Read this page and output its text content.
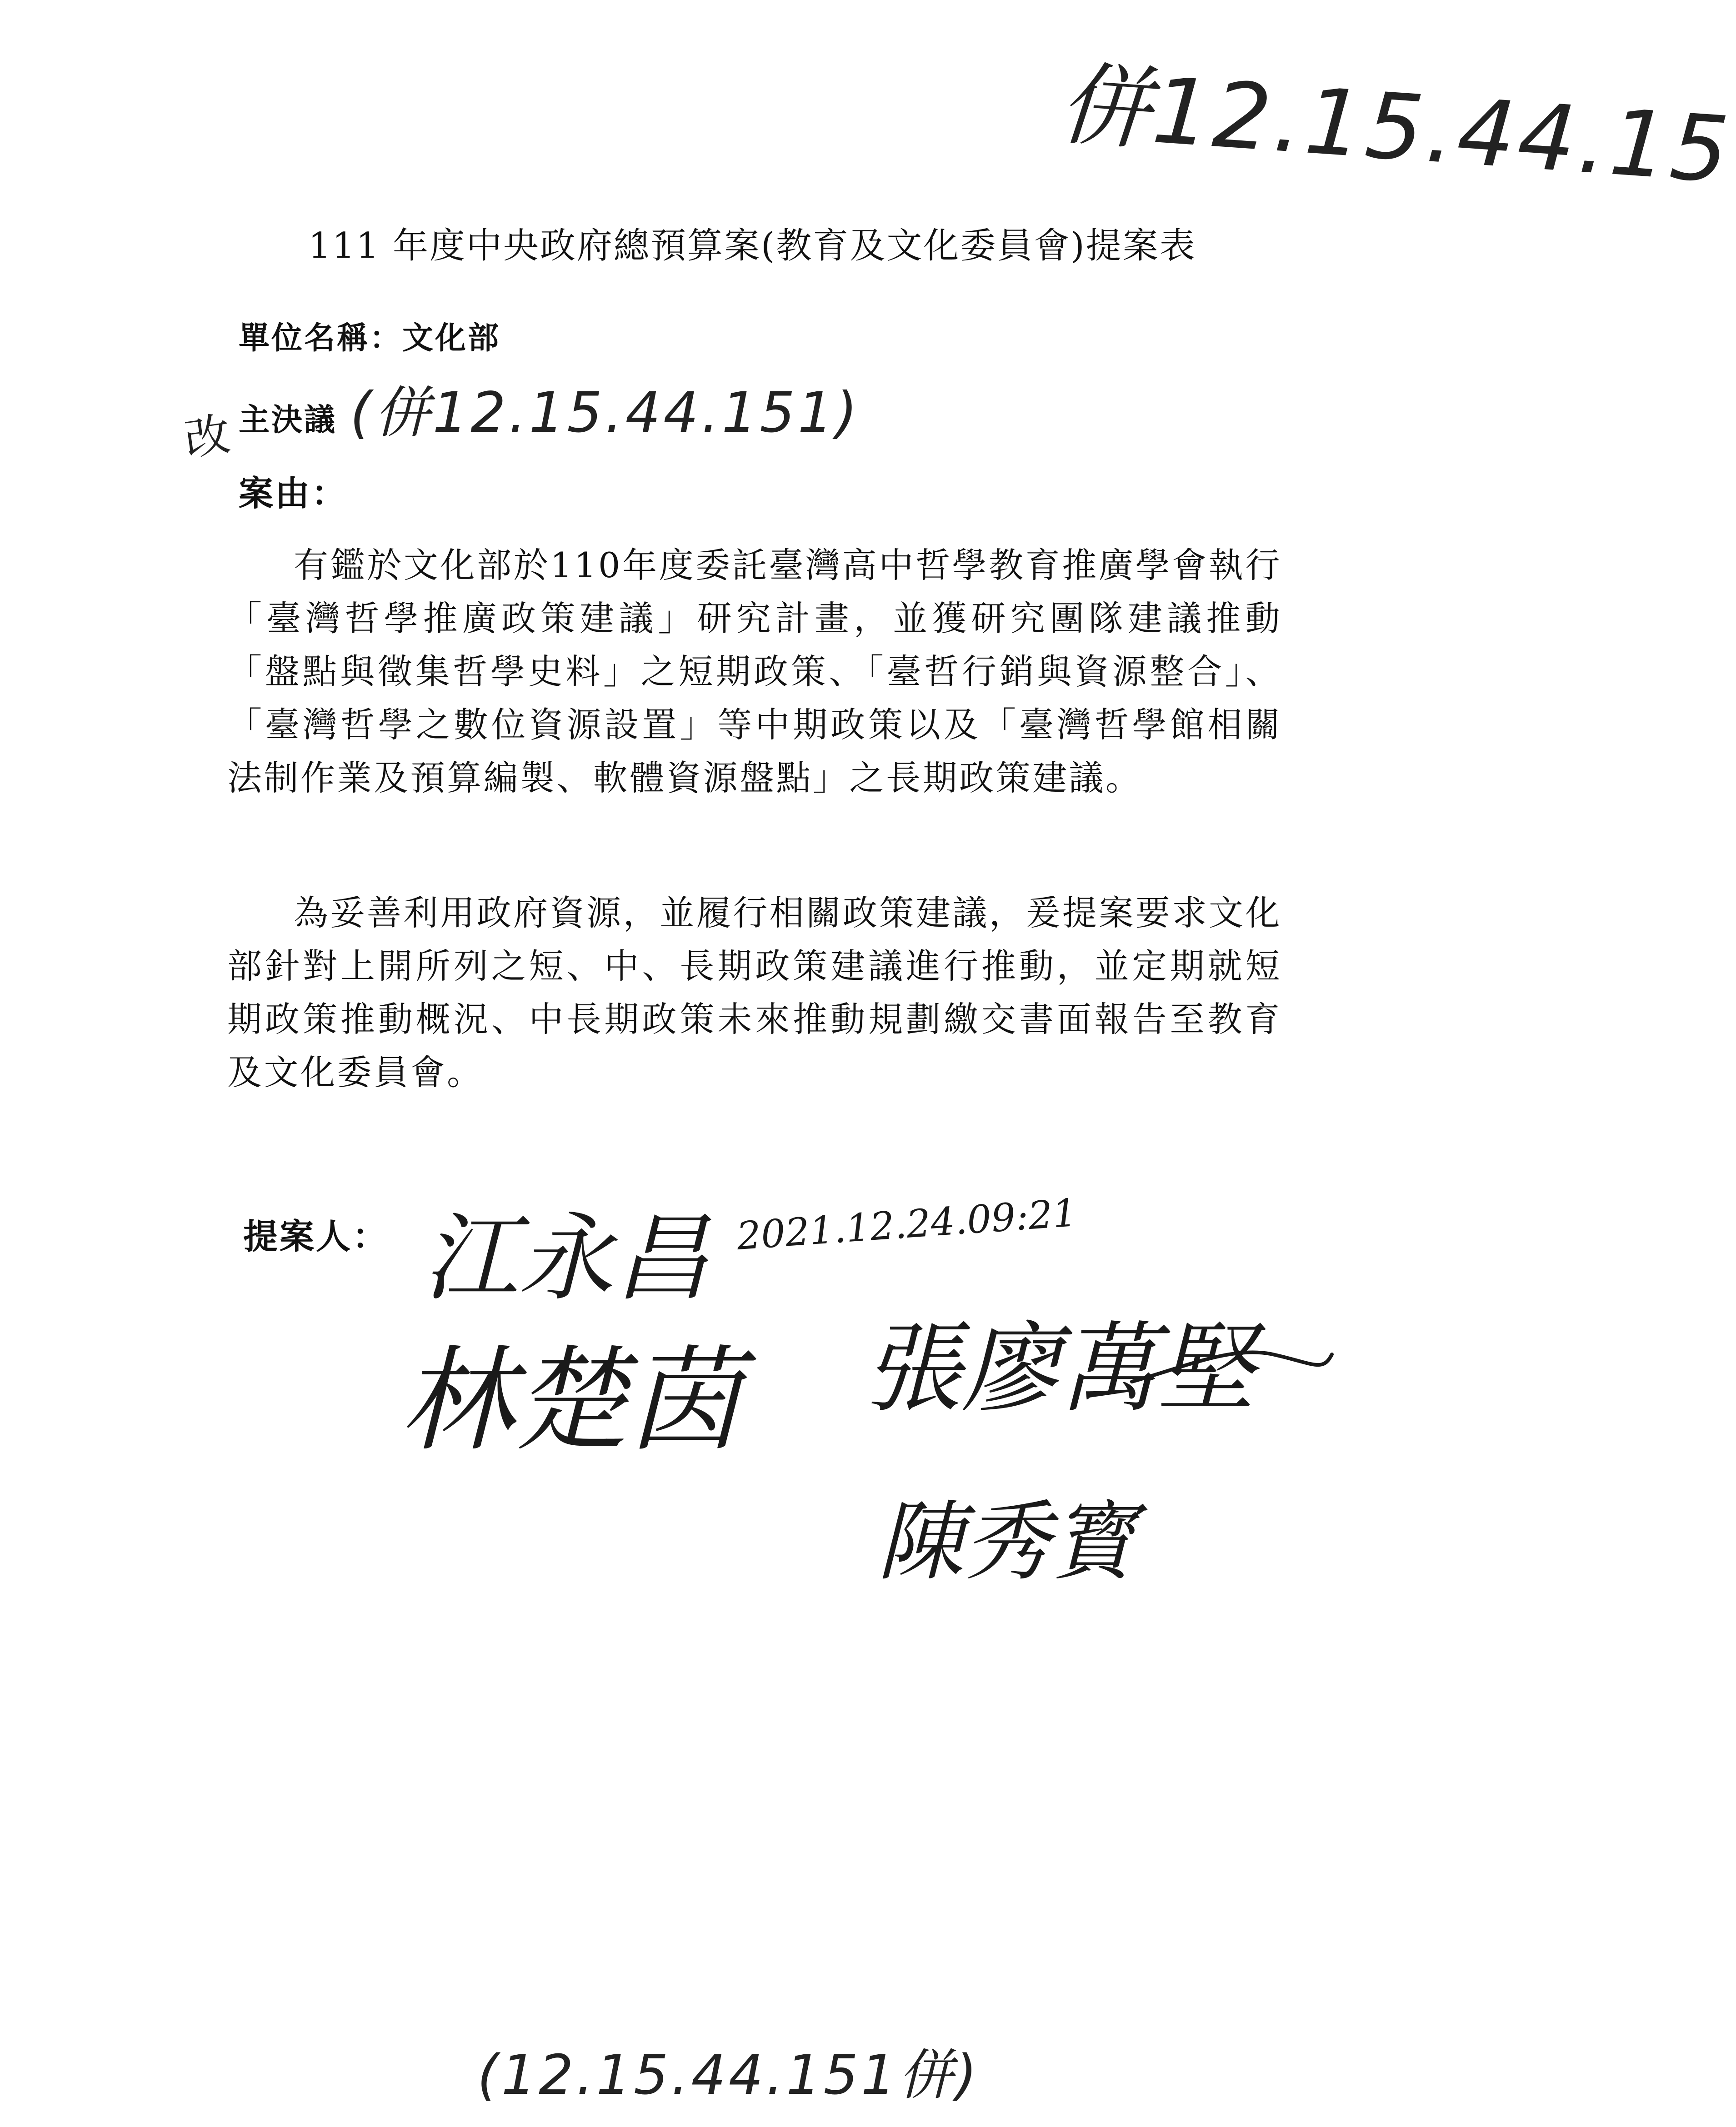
併12.15.44.15

111 年度中央政府總預算案(教育及文化委員會)提案表

單位名稱：文化部

改 主決議 (併12.15.44.151)

案由：

有鑑於文化部於110年度委託臺灣高中哲學教育推廣學會執行「臺灣哲學推廣政策建議」研究計畫，並獲研究團隊建議推動「盤點與徵集哲學史料」之短期政策、「臺哲行銷與資源整合」、「臺灣哲學之數位資源設置」等中期政策以及「臺灣哲學館相關法制作業及預算編製、軟體資源盤點」之長期政策建議。

為妥善利用政府資源，並履行相關政策建議，爰提案要求文化部針對上開所列之短、中、長期政策建議進行推動，並定期就短期政策推動概況、中長期政策未來推動規劃繳交書面報告至教育及文化委員會。

提案人：	2021.12.24.09:21

江永昌

林楚茵 張廖萬堅

陳秀寳

(12.15.44.151併)
